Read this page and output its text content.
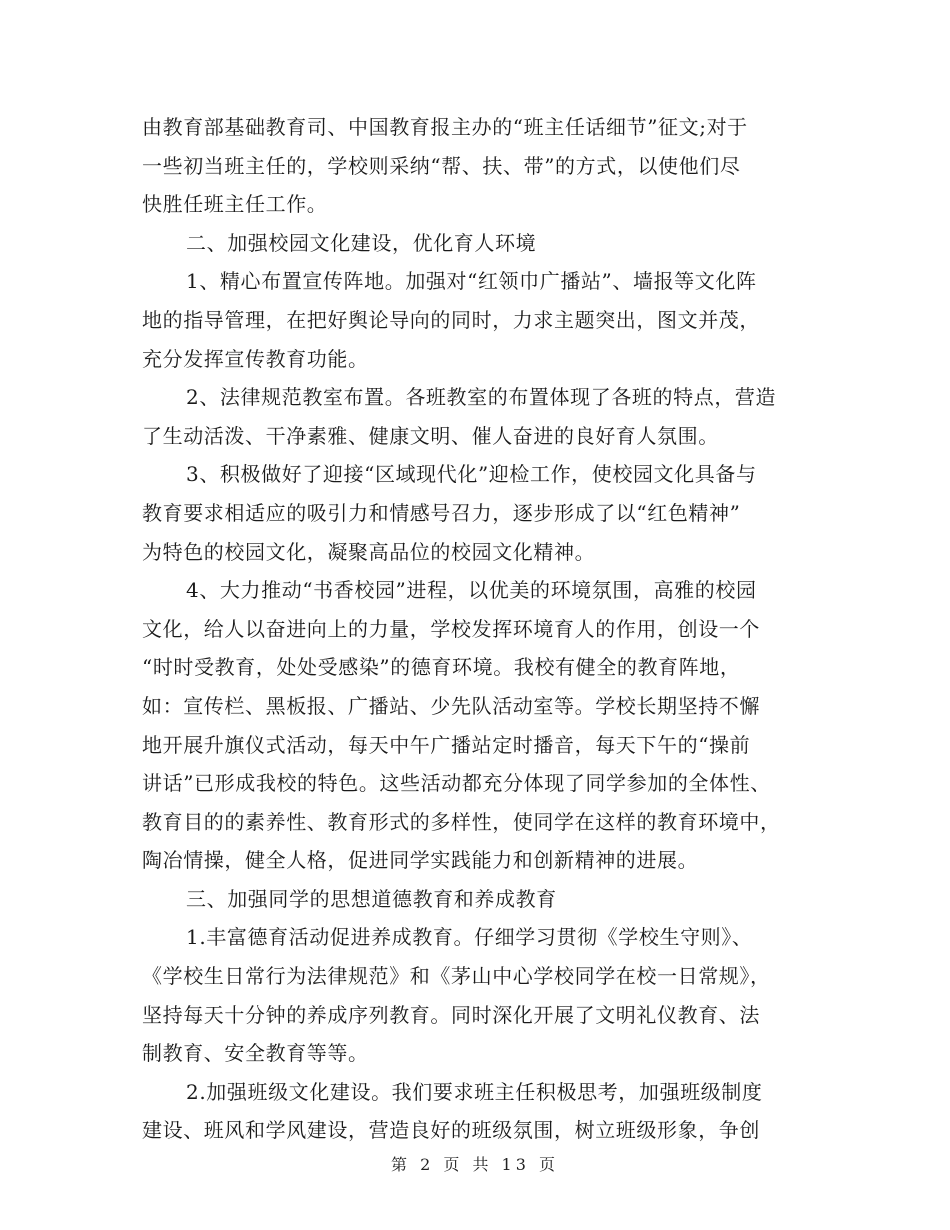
由教育部基础教育司、中国教育报主办的“班主任话细节”征文;对于
一些初当班主任的，学校则采纳“帮、扶、带”的方式，以使他们尽
快胜任班主任工作。
二、加强校园文化建设，优化育人环境
1、精心布置宣传阵地。加强对“红领巾广播站”、墙报等文化阵
地的指导管理，在把好舆论导向的同时，力求主题突出，图文并茂，
充分发挥宣传教育功能。
2、法律规范教室布置。各班教室的布置体现了各班的特点，营造
了生动活泼、干净素雅、健康文明、催人奋进的良好育人氛围。
3、积极做好了迎接“区域现代化”迎检工作，使校园文化具备与
教育要求相适应的吸引力和情感号召力，逐步形成了以“红色精神”
为特色的校园文化，凝聚高品位的校园文化精神。
4、大力推动“书香校园”进程，以优美的环境氛围，高雅的校园
文化，给人以奋进向上的力量，学校发挥环境育人的作用，创设一个
“时时受教育，处处受感染”的德育环境。我校有健全的教育阵地，
如：宣传栏、黑板报、广播站、少先队活动室等。学校长期坚持不懈
地开展升旗仪式活动，每天中午广播站定时播音，每天下午的“操前
讲话”已形成我校的特色。这些活动都充分体现了同学参加的全体性、
教育目的的素养性、教育形式的多样性，使同学在这样的教育环境中，
陶冶情操，健全人格，促进同学实践能力和创新精神的进展。
三、加强同学的思想道德教育和养成教育
1.丰富德育活动促进养成教育。仔细学习贯彻《学校生守则》、
《学校生日常行为法律规范》和《茅山中心学校同学在校一日常规》，
坚持每天十分钟的养成序列教育。同时深化开展了文明礼仪教育、法
制教育、安全教育等等。
2.加强班级文化建设。我们要求班主任积极思考，加强班级制度
建设、班风和学风建设，营造良好的班级氛围，树立班级形象，争创
第 2 页 共 13 页
